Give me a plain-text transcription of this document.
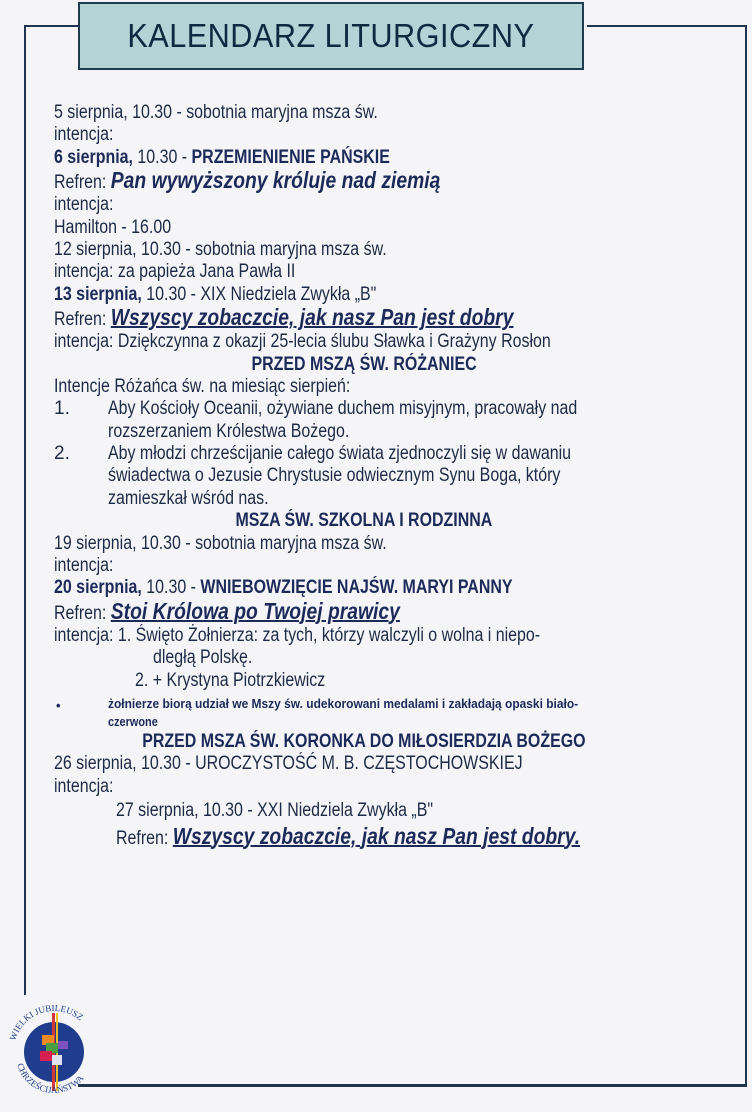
KALENDARZ LITURGICZNY
5 sierpnia, 10.30 - sobotnia maryjna msza św.
intencja:
6 sierpnia, 10.30 - PRZEMIENIENIE PAŃSKIE
Refren: Pan wywyższony króluje nad ziemią
intencja:
Hamilton - 16.00
12 sierpnia, 10.30 - sobotnia maryjna msza św.
intencja: za papieża Jana Pawła II
13 sierpnia, 10.30 - XIX Niedziela Zwykła „B"
Refren: Wszyscy zobaczcie, jak nasz Pan jest dobry
intencja: Dziękczynna z okazji 25-lecia ślubu Sławka i Grażyny Rosłon
PRZED MSZĄ ŚW. RÓŻANIEC
Intencje Różańca św. na miesiąc sierpień:
1. Aby Kościoły Oceanii, ożywiane duchem misyjnym, pracowały nad
rozszerzaniem Królestwa Bożego.
2. Aby młodzi chrześcijanie całego świata zjednoczyli się w dawaniu
świadectwa o Jezusie Chrystusie odwiecznym Synu Boga, który
zamieszkał wśród nas.
MSZA ŚW. SZKOLNA I RODZINNA
19 sierpnia, 10.30 - sobotnia maryjna msza św.
intencja:
20 sierpnia, 10.30 - WNIEBOWZIĘCIE NAJŚW. MARYI PANNY
Refren: Stoi Królowa po Twojej prawicy
intencja: 1. Święto Żołnierza: za tych, którzy walczyli o wolna i niepo-
dległą Polskę.
2. + Krystyna Piotrzkiewicz
•	żołnierze biorą udział we Mszy św. udekorowani medalami i zakładają opaski biało-
czerwone
PRZED MSZA ŚW. KORONKA DO MIŁOSIERDZIA BOŻEGO
26 sierpnia, 10.30 - UROCZYSTOŚĆ M. B. CZĘSTOCHOWSKIEJ
intencja:
27 sierpnia, 10.30 - XXI Niedziela Zwykła „B"
Refren: Wszyscy zobaczcie, jak nasz Pan jest dobry.
WIELKI JUBILEUSZ
CHRZEŚCIJAŃSTWA
